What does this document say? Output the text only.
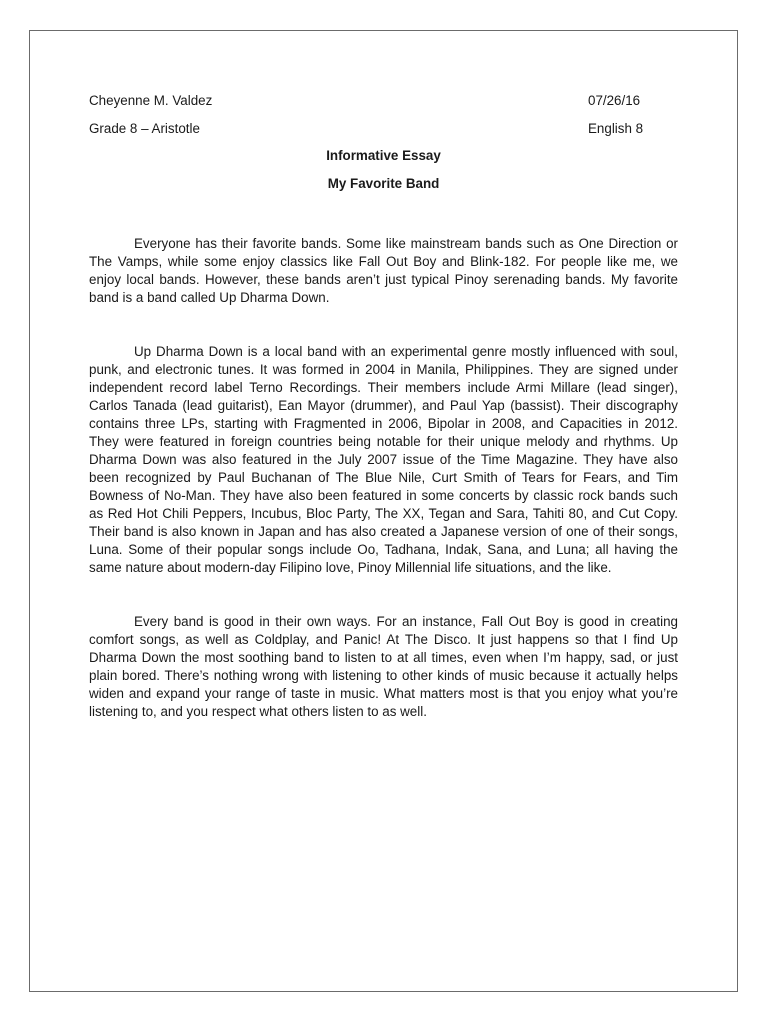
Cheyenne M. Valdez	07/26/16
Grade 8 – Aristotle	English 8
Informative Essay
My Favorite Band

Everyone has their favorite bands. Some like mainstream bands such as One Direction or The Vamps, while some enjoy classics like Fall Out Boy and Blink-182. For people like me, we enjoy local bands. However, these bands aren’t just typical Pinoy serenading bands. My favorite band is a band called Up Dharma Down.

Up Dharma Down is a local band with an experimental genre mostly influenced with soul, punk, and electronic tunes. It was formed in 2004 in Manila, Philippines. They are signed under independent record label Terno Recordings. Their members include Armi Millare (lead singer), Carlos Tanada (lead guitarist), Ean Mayor (drummer), and Paul Yap (bassist). Their discography contains three LPs, starting with Fragmented in 2006, Bipolar in 2008, and Capacities in 2012. They were featured in foreign countries being notable for their unique melody and rhythms. Up Dharma Down was also featured in the July 2007 issue of the Time Magazine. They have also been recognized by Paul Buchanan of The Blue Nile, Curt Smith of Tears for Fears, and Tim Bowness of No-Man. They have also been featured in some concerts by classic rock bands such as Red Hot Chili Peppers, Incubus, Bloc Party, The XX, Tegan and Sara, Tahiti 80, and Cut Copy. Their band is also known in Japan and has also created a Japanese version of one of their songs, Luna. Some of their popular songs include Oo, Tadhana, Indak, Sana, and Luna; all having the same nature about modern-day Filipino love, Pinoy Millennial life situations, and the like.

Every band is good in their own ways. For an instance, Fall Out Boy is good in creating comfort songs, as well as Coldplay, and Panic! At The Disco. It just happens so that I find Up Dharma Down the most soothing band to listen to at all times, even when I’m happy, sad, or just plain bored. There’s nothing wrong with listening to other kinds of music because it actually helps widen and expand your range of taste in music. What matters most is that you enjoy what you’re listening to, and you respect what others listen to as well.
